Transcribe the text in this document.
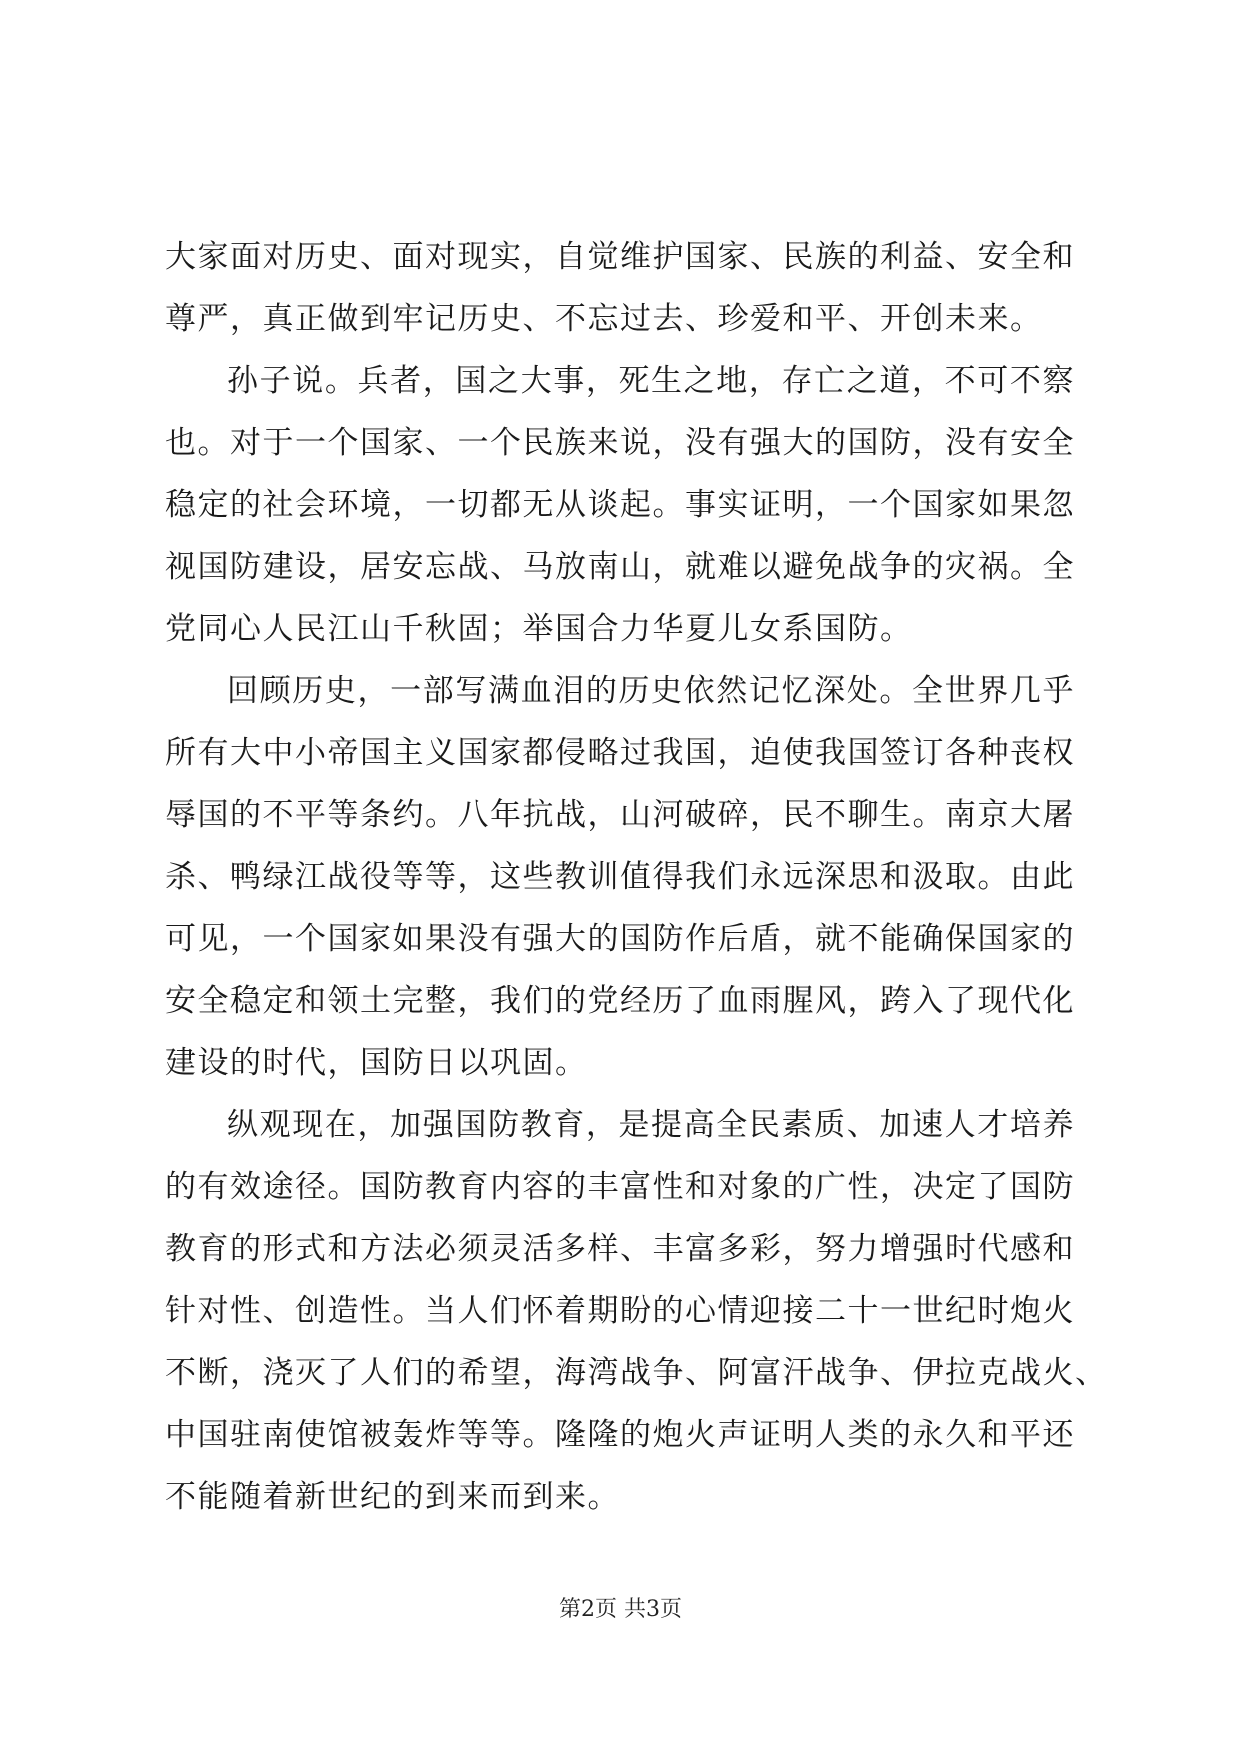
大家面对历史、面对现实，自觉维护国家、民族的利益、安全和
尊严，真正做到牢记历史、不忘过去、珍爱和平、开创未来。

孙子说。兵者，国之大事，死生之地，存亡之道，不可不察
也。对于一个国家、一个民族来说，没有强大的国防，没有安全
稳定的社会环境，一切都无从谈起。事实证明，一个国家如果忽
视国防建设，居安忘战、马放南山，就难以避免战争的灾祸。全
党同心人民江山千秋固；举国合力华夏儿女系国防。

回顾历史，一部写满血泪的历史依然记忆深处。全世界几乎
所有大中小帝国主义国家都侵略过我国，迫使我国签订各种丧权
辱国的不平等条约。八年抗战，山河破碎，民不聊生。南京大屠
杀、鸭绿江战役等等，这些教训值得我们永远深思和汲取。由此
可见，一个国家如果没有强大的国防作后盾，就不能确保国家的
安全稳定和领土完整，我们的党经历了血雨腥风，跨入了现代化
建设的时代，国防日以巩固。

纵观现在，加强国防教育，是提高全民素质、加速人才培养
的有效途径。国防教育内容的丰富性和对象的广性，决定了国防
教育的形式和方法必须灵活多样、丰富多彩，努力增强时代感和
针对性、创造性。当人们怀着期盼的心情迎接二十一世纪时炮火
不断，浇灭了人们的希望，海湾战争、阿富汗战争、伊拉克战火、
中国驻南使馆被轰炸等等。隆隆的炮火声证明人类的永久和平还
不能随着新世纪的到来而到来。

第2页 共3页
